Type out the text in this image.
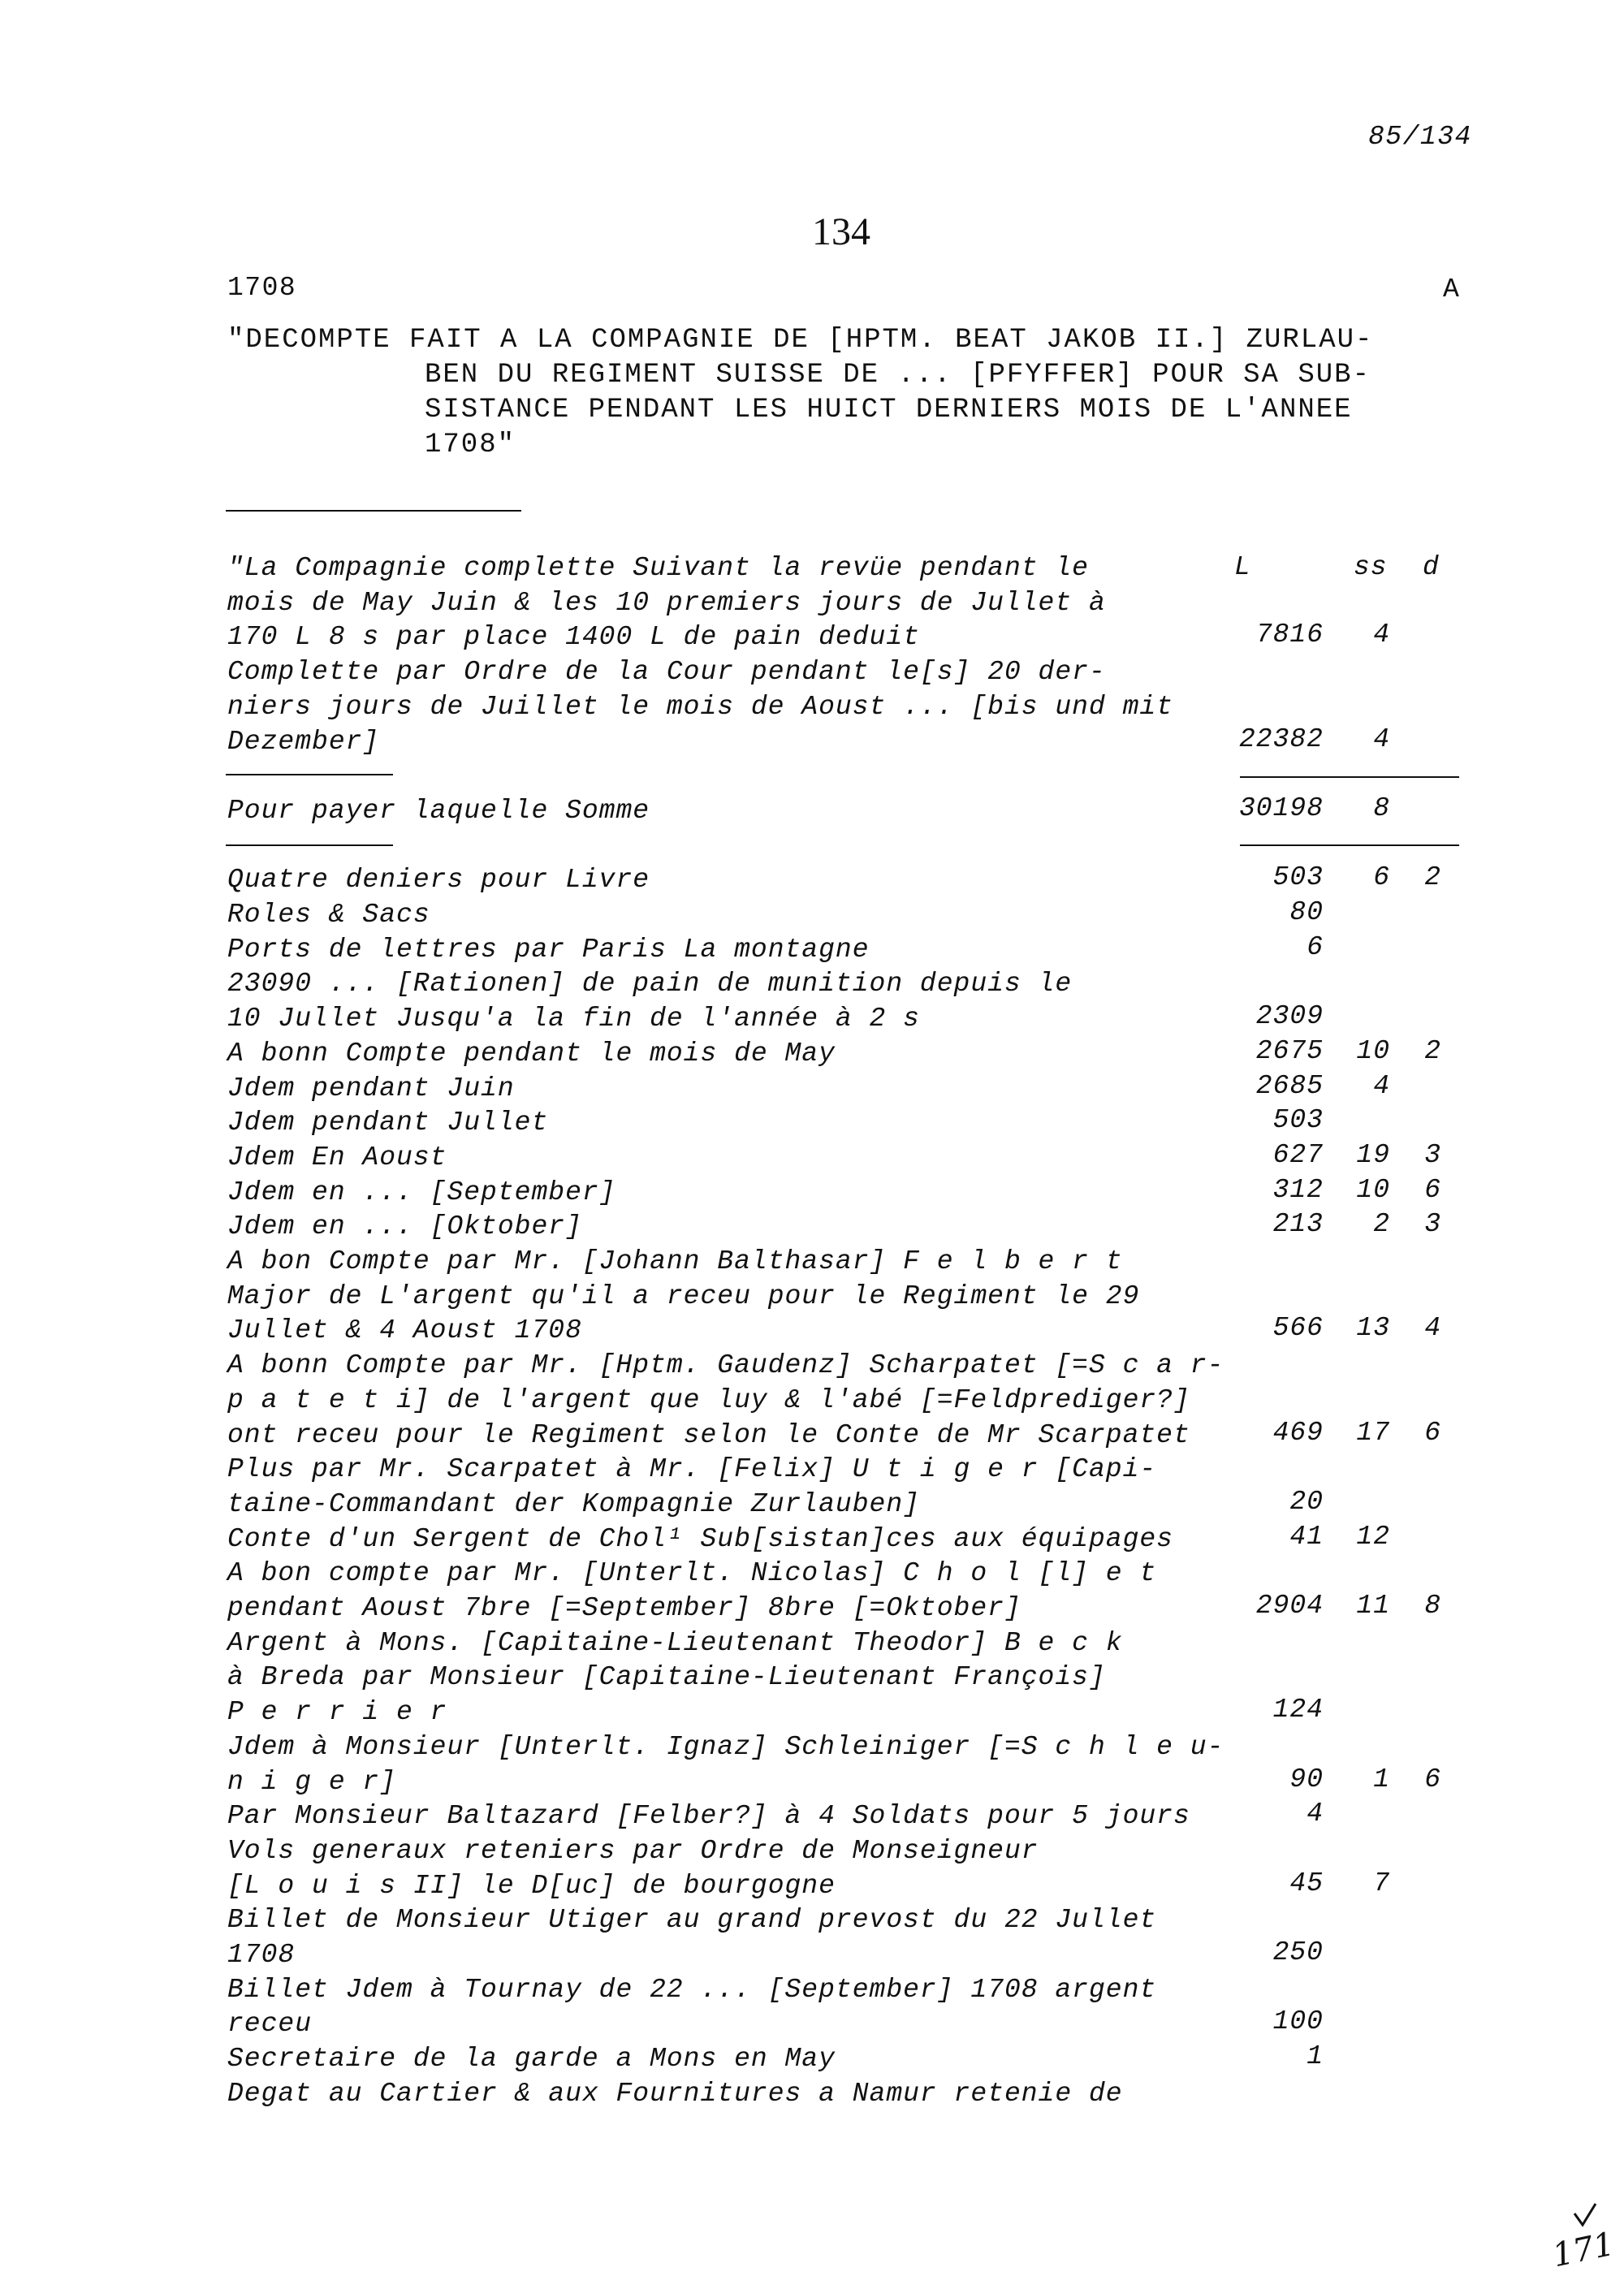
85/134
134
1708	A
"DECOMPTE FAIT A LA COMPAGNIE DE [HPTM. BEAT JAKOB II.] ZURLAU-
BEN DU REGIMENT SUISSE DE ... [PFYFFER] POUR SA SUB-
SISTANCE PENDANT LES HUICT DERNIERS MOIS DE L'ANNEE
1708"
L	ss d
"La Compagnie complette Suivant la revüe pendant le
mois de May Juin & les 10 premiers jours de Jullet à
170 L 8 s par place 1400 L de pain deduit	7816	4
Complette par Ordre de la Cour pendant le[s] 20 der-
niers jours de Juillet le mois de Aoust ... [bis und mit
Dezember]	22382	4
Pour payer laquelle Somme	30198	8
Quatre deniers pour Livre	503	6	2
Roles & Sacs	80
Ports de lettres par Paris La montagne	6
23090 ... [Rationen] de pain de munition depuis le
10 Jullet Jusqu'a la fin de l'année à 2 s	2309
A bonn Compte pendant le mois de May	2675	10	2
Jdem pendant Juin	2685	4
Jdem pendant Jullet	503
Jdem En Aoust	627	19	3
Jdem en ... [September]	312	10	6
Jdem en ... [Oktober]	213	2	3
A bon Compte par Mr. [Johann Balthasar] F e l b e r t
Major de L'argent qu'il a receu pour le Regiment le 29
Jullet & 4 Aoust 1708	566	13	4
A bonn Compte par Mr. [Hptm. Gaudenz] Scharpatet [=S c a r-
p a t e t i] de l'argent que luy & l'abé [=Feldprediger?]
ont receu pour le Regiment selon le Conte de Mr Scarpatet	469	17	6
Plus par Mr. Scarpatet à Mr. [Felix] U t i g e r [Capi-
taine-Commandant der Kompagnie Zurlauben]	20
Conte d'un Sergent de Chol¹ Sub[sistan]ces aux équipages	41	12
A bon compte par Mr. [Unterlt. Nicolas] C h o l [l] e t
pendant Aoust 7bre [=September] 8bre [=Oktober]	2904	11	8
Argent à Mons. [Capitaine-Lieutenant Theodor] B e c k
à Breda par Monsieur [Capitaine-Lieutenant François]
P e r r i e r	124
Jdem à Monsieur [Unterlt. Ignaz] Schleiniger [=S c h l e u-
n i g e r]	90	1	6
Par Monsieur Baltazard [Felber?] à 4 Soldats pour 5 jours	4
Vols generaux reteniers par Ordre de Monseigneur
[L o u i s II] le D[uc] de bourgogne	45	7
Billet de Monsieur Utiger au grand prevost du 22 Jullet
1708	250
Billet Jdem à Tournay de 22 ... [September] 1708 argent
receu	100
Secretaire de la garde a Mons en May	1
Degat au Cartier & aux Fournitures a Namur retenie de
171
